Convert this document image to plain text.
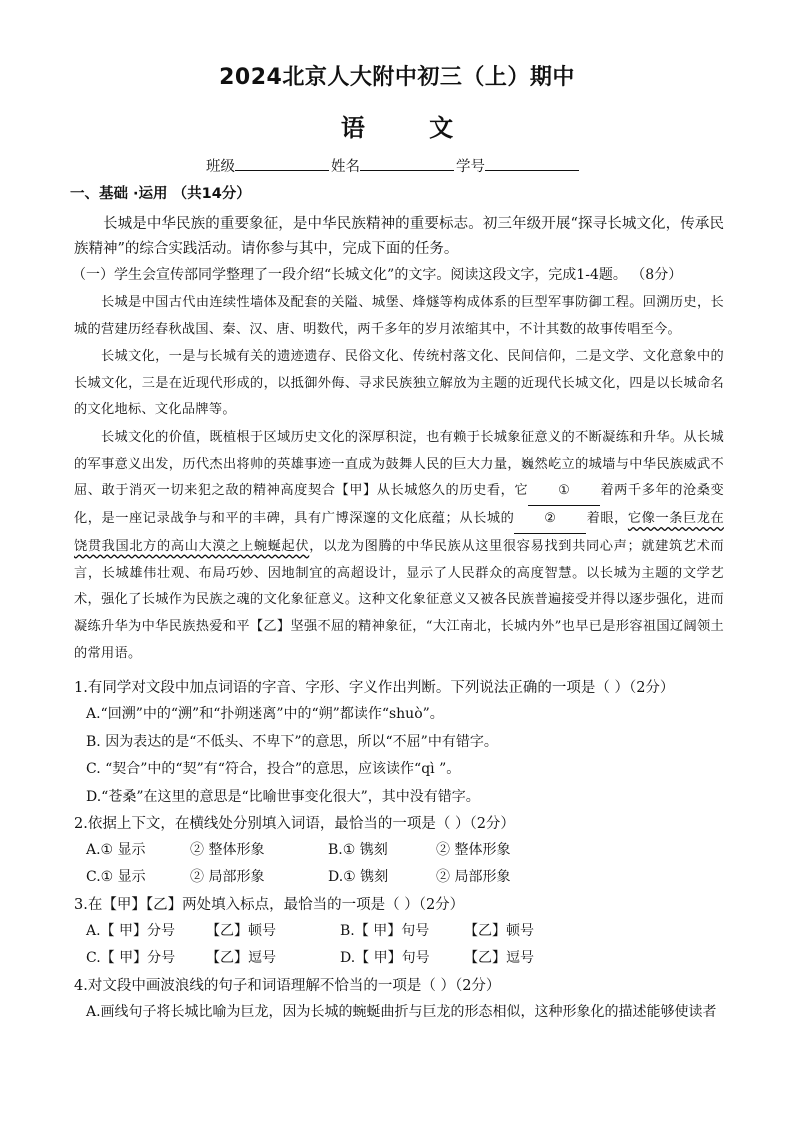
2024北京人大附中初三（上）期中
语 文
班级	姓名	学号
一、基础 ·运用 （共14分）
长城是中华民族的重要象征，是中华民族精神的重要标志。初三年级开展“探寻长城文化，传承民族精神”的综合实践活动。请你参与其中，完成下面的任务。
（一）学生会宣传部同学整理了一段介绍“长城文化”的文字。阅读这段文字，完成1-4题。 （8分）
长城是中国古代由连续性墙体及配套的关隘、城堡、烽燧等构成体系的巨型军事防御工程。回溯历史，长城的营建历经春秋战国、秦、汉、唐、明数代，两千多年的岁月浓缩其中，不计其数的故事传唱至今。
长城文化，一是与长城有关的遗迹遗存、民俗文化、传统村落文化、民间信仰，二是文学、文化意象中的长城文化，三是在近现代形成的，以抵御外侮、寻求民族独立解放为主题的近现代长城文化，四是以长城命名的文化地标、文化品牌等。
长城文化的价值，既植根于区域历史文化的深厚积淀，也有赖于长城象征意义的不断凝练和升华。从长城的军事意义出发，历代杰出将帅的英雄事迹一直成为鼓舞人民的巨大力量，巍然屹立的城墙与中华民族威武不屈、敢于消灭一切来犯之敌的精神高度契合【甲】从长城悠久的历史看，它 ① 着两千多年的沧桑变化，是一座记录战争与和平的丰碑，具有广博深邃的文化底蕴；从长城的 ② 着眼，它像一条巨龙在饶贯我国北方的高山大漠之上蜿蜒起伏，以龙为图腾的中华民族从这里很容易找到共同心声；就建筑艺术而言，长城雄伟壮观、布局巧妙、因地制宜的高超设计，显示了人民群众的高度智慧。以长城为主题的文学艺术，强化了长城作为民族之魂的文化象征意义。这种文化象征意义又被各民族普遍接受并得以逐步强化，进而凝练升华为中华民族热爱和平【乙】坚强不屈的精神象征，“大江南北，长城内外”也早已是形容祖国辽阔领土的常用语。
1.有同学对文段中加点词语的字音、字形、字义作出判断。下列说法正确的一项是（ ）（2分）
A.“回溯”中的“溯”和“扑朔迷离”中的“朔”都读作“shuò”。
B. 因为表达的是“不低头、不卑下”的意思，所以“不屈”中有错字。
C. “契合”中的“契”有“符合，投合”的意思，应该读作“qì ”。
D.“苍桑”在这里的意思是“比喻世事变化很大”，其中没有错字。
2.依据上下文，在横线处分别填入词语，最恰当的一项是（ ）（2分）
A.① 显示	② 整体形象	B.① 镌刻	② 整体形象
C.① 显示	② 局部形象	D.① 镌刻	② 局部形象
3.在【甲】【乙】两处填入标点，最恰当的一项是（ ）（2分）
A.【 甲】分号 【乙】顿号	B.【 甲】句号 【乙】顿号
C.【 甲】分号 【乙】逗号	D.【 甲】句号 【乙】逗号
4.对文段中画波浪线的句子和词语理解不恰当的一项是（ ）（2分）
A.画线句子将长城比喻为巨龙，因为长城的蜿蜒曲折与巨龙的形态相似，这种形象化的描述能够使读者
